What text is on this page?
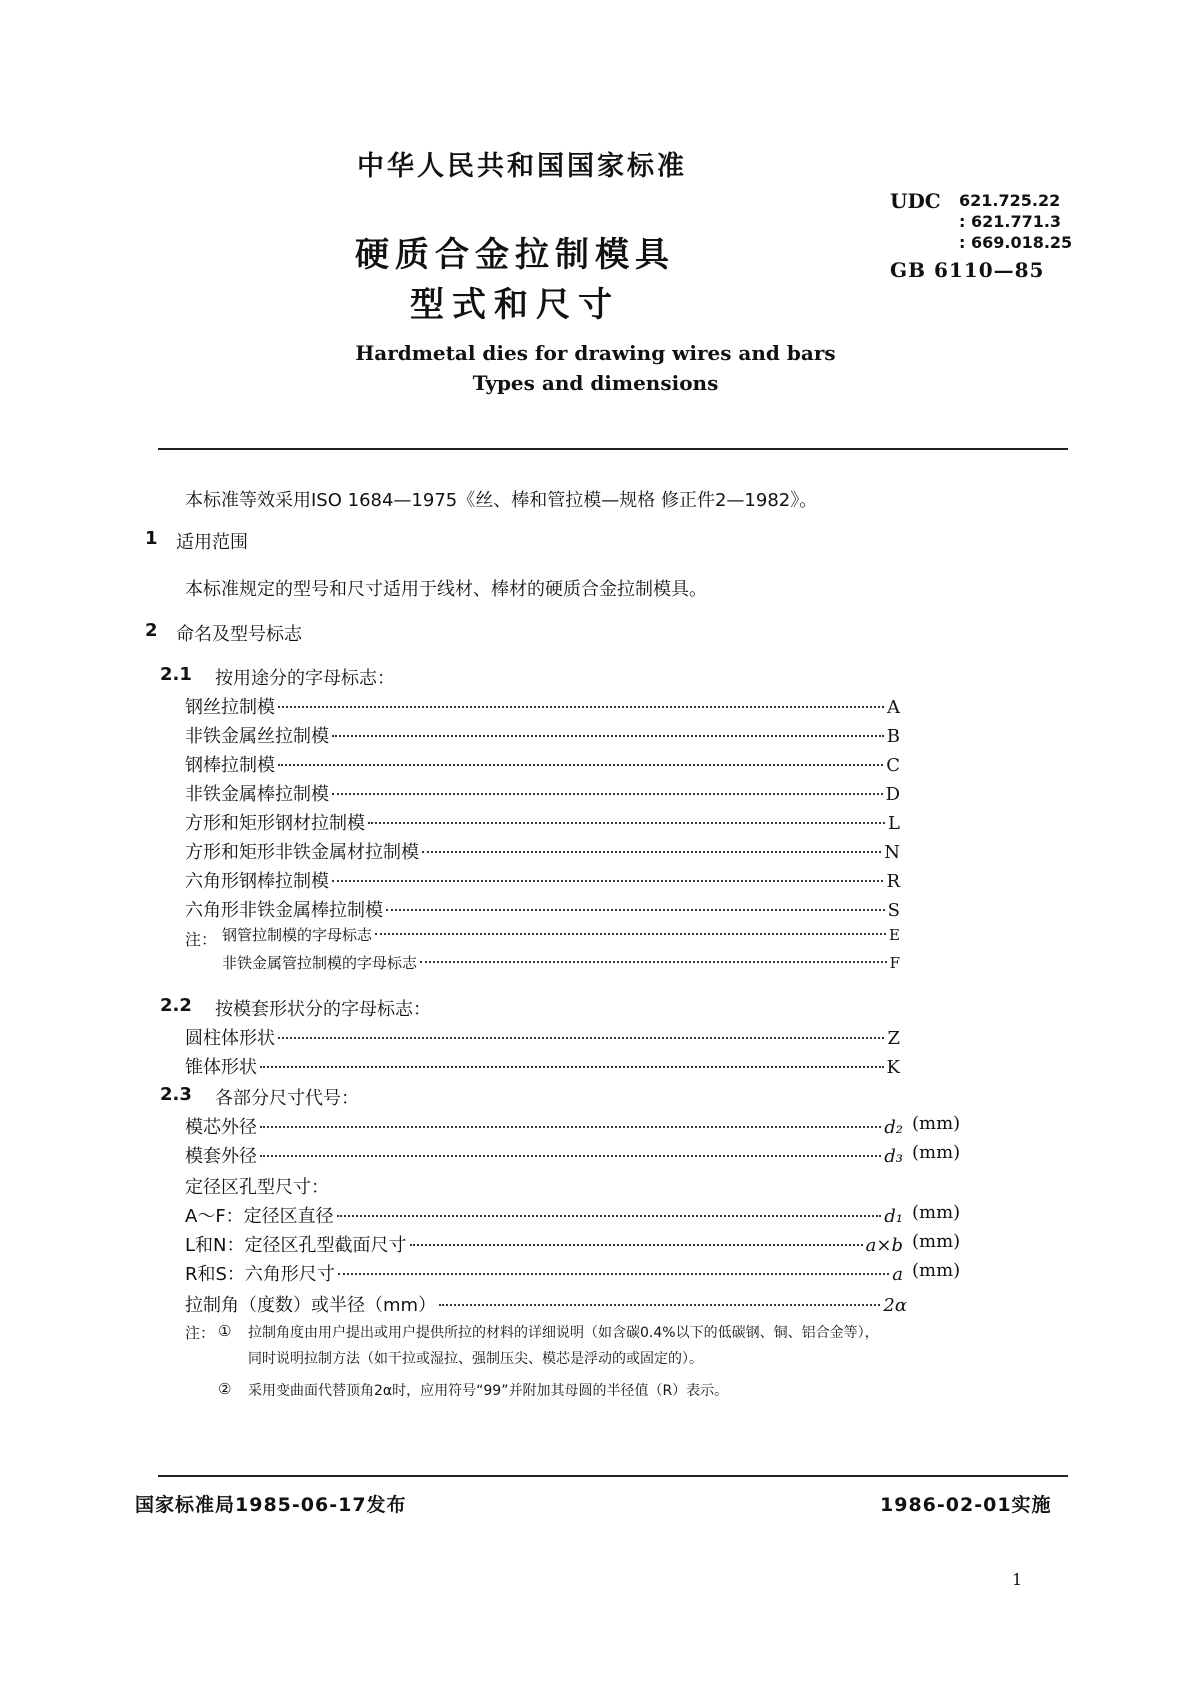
中华人民共和国国家标准
UDC 621.725.22
: 621.771.3
: 669.018.25
GB 6110—85
硬质合金拉制模具
型式和尺寸
Hardmetal dies for drawing wires and bars
Types and dimensions
本标准等效采用ISO 1684—1975《丝、棒和管拉模—规格 修正件2—1982》。
1 适用范围
本标准规定的型号和尺寸适用于线材、棒材的硬质合金拉制模具。
2 命名及型号标志
2.1 按用途分的字母标志：
钢丝拉制模	A
非铁金属丝拉制模	B
钢棒拉制模	C
非铁金属棒拉制模	D
方形和矩形钢材拉制模	L
方形和矩形非铁金属材拉制模	N
六角形钢棒拉制模	R
六角形非铁金属棒拉制模	S
注： 钢管拉制模的字母标志	E
非铁金属管拉制模的字母标志	F
2.2 按模套形状分的字母标志：
圆柱体形状	Z
锥体形状	K
2.3 各部分尺寸代号：
模芯外径	d₂ (mm)
模套外径	d₃ (mm)
定径区孔型尺寸：
A～F：定径区直径	d₁ (mm)
L和N：定径区孔型截面尺寸	a×b (mm)
R和S：六角形尺寸	a (mm)
拉制角（度数）或半径（mm）	2α
注： ① 拉制角度由用户提出或用户提供所拉的材料的详细说明（如含碳0.4%以下的低碳钢、铜、铝合金等），
同时说明拉制方法（如干拉或湿拉、强制压尖、模芯是浮动的或固定的）。
② 采用变曲面代替顶角2α时，应用符号“99”并附加其母圆的半径值（R）表示。
国家标准局1985-06-17发布	1986-02-01实施
1
